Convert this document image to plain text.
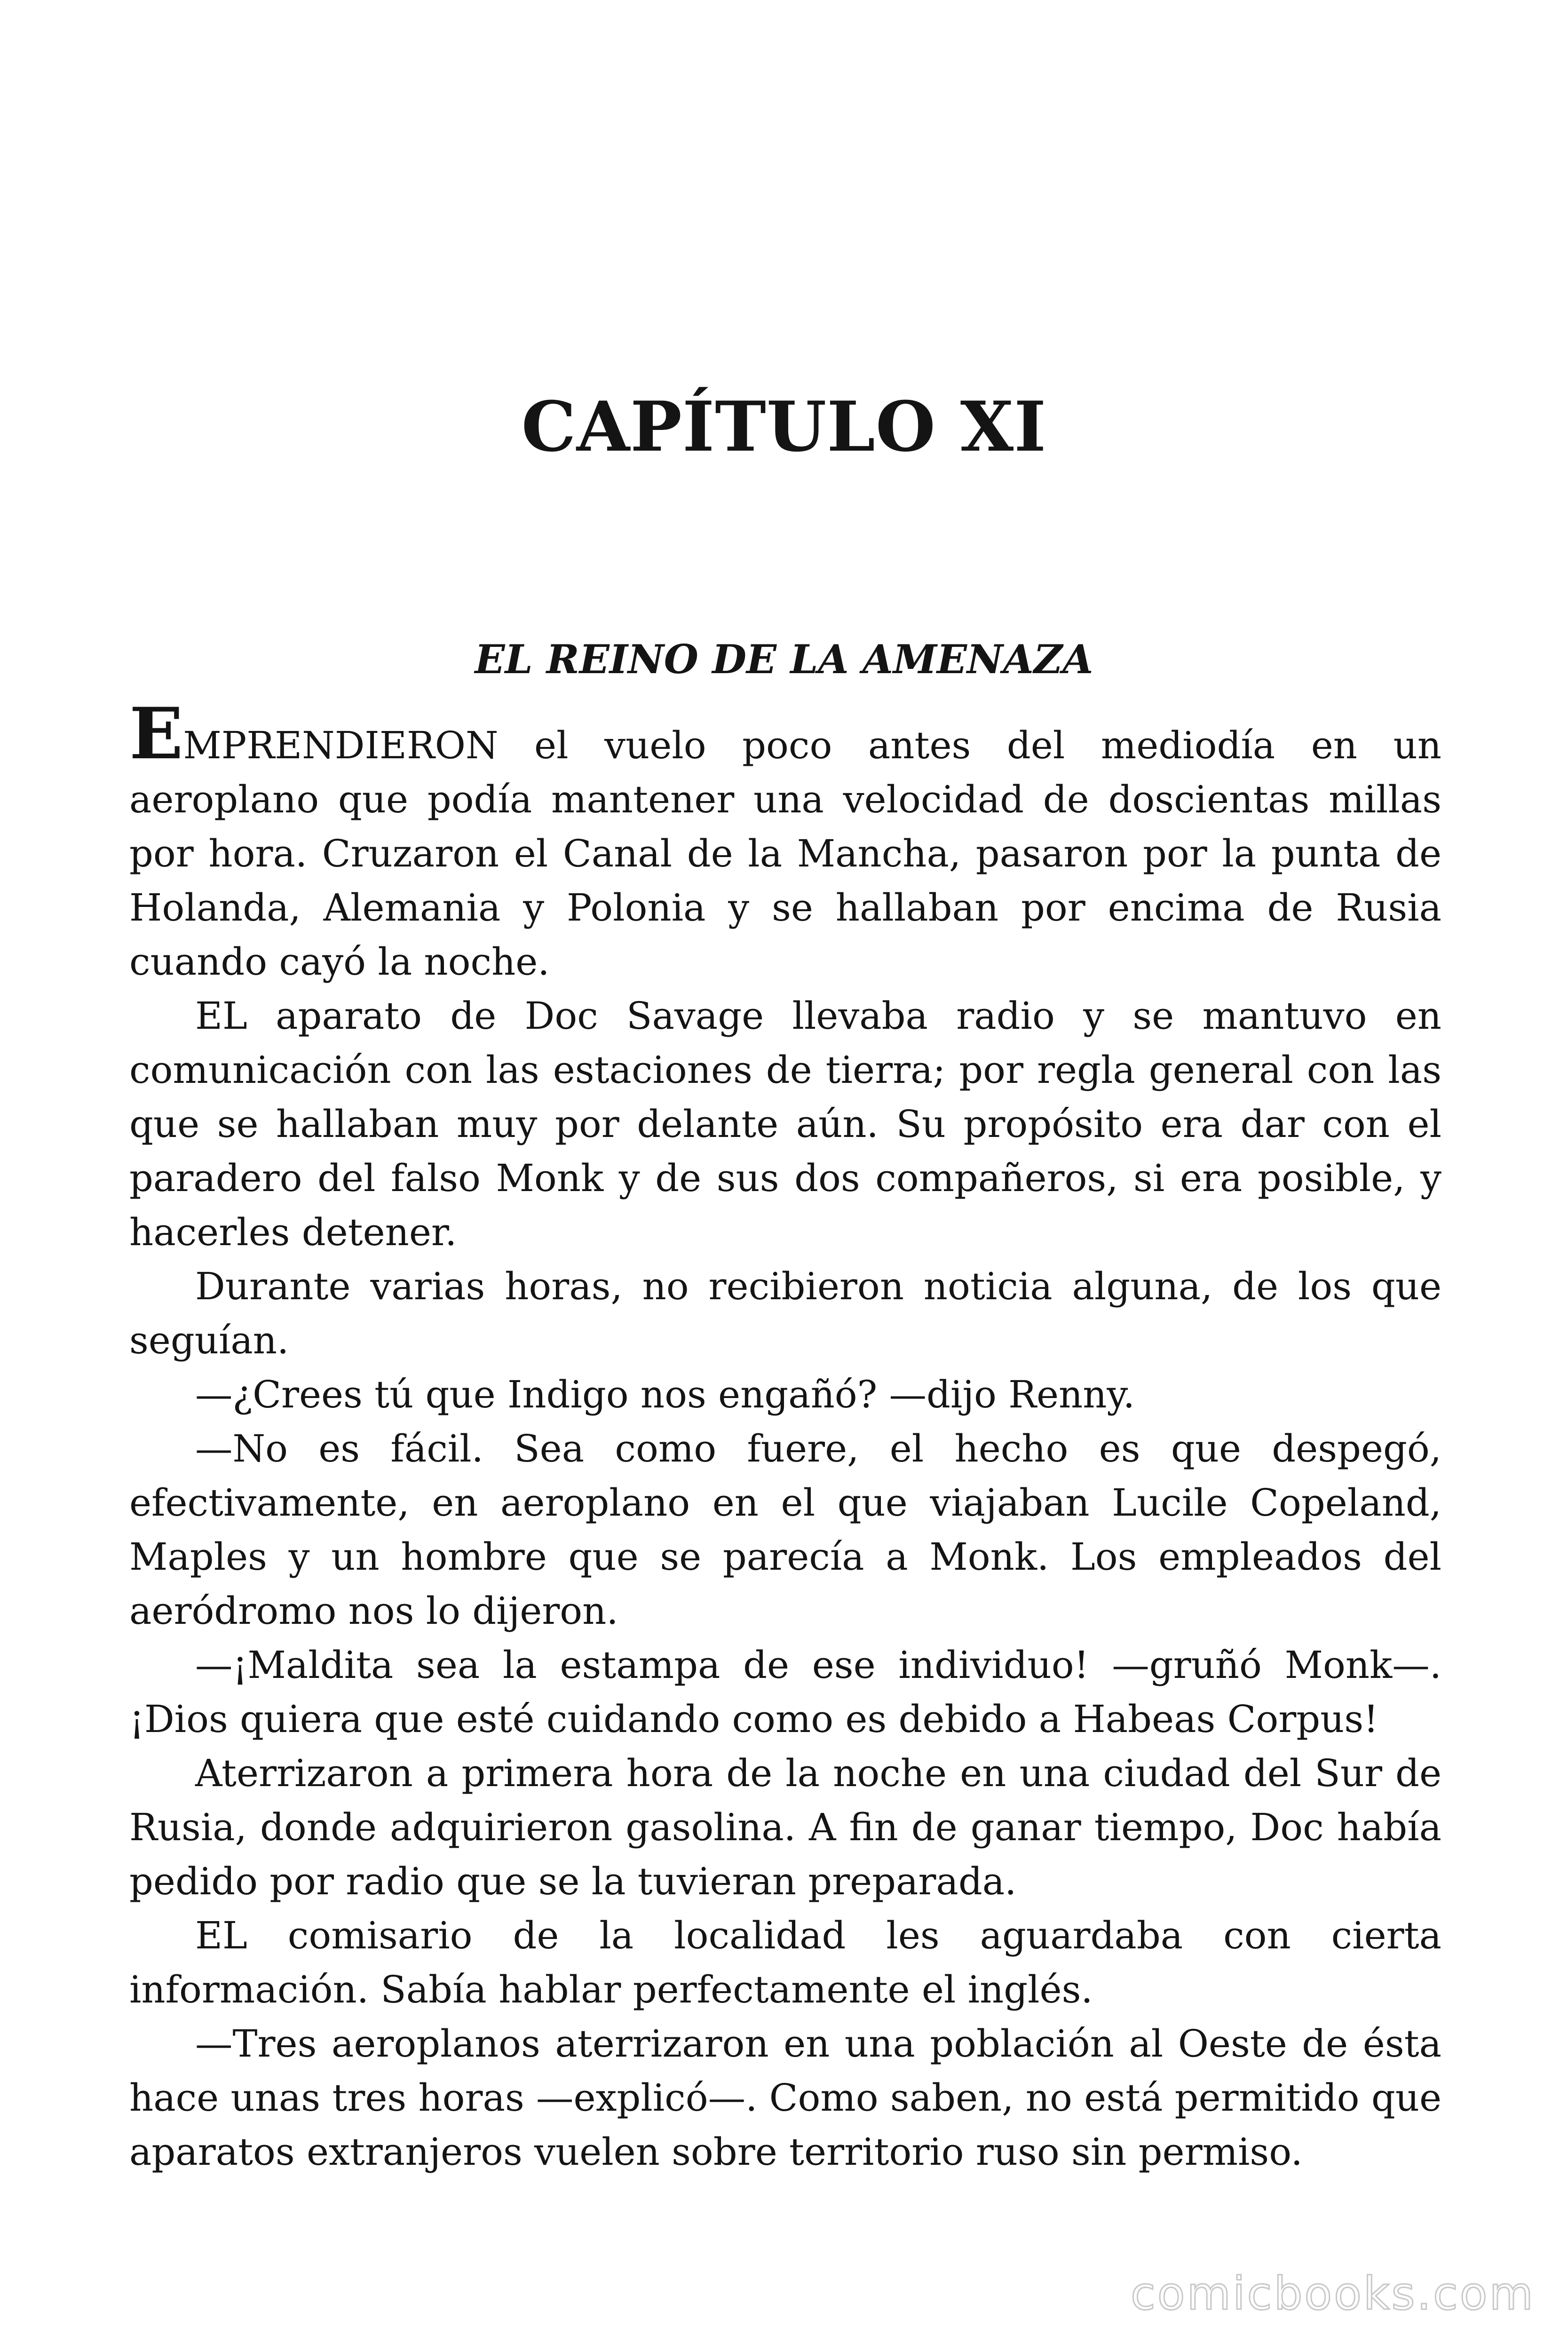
CAPÍTULO XI
EL REINO DE LA AMENAZA

EMPRENDIERON el vuelo poco antes del mediodía en un aeroplano que podía mantener una velocidad de doscientas millas por hora. Cruzaron el Canal de la Mancha, pasaron por la punta de Holanda, Alemania y Polonia y se hallaban por encima de Rusia cuando cayó la noche.

EL aparato de Doc Savage llevaba radio y se mantuvo en comunicación con las estaciones de tierra; por regla general con las que se hallaban muy por delante aún. Su propósito era dar con el paradero del falso Monk y de sus dos compañeros, si era posible, y hacerles detener.

Durante varias horas, no recibieron noticia alguna, de los que seguían.

—¿Crees tú que Indigo nos engañó? —dijo Renny.

—No es fácil. Sea como fuere, el hecho es que despegó, efectivamente, en aeroplano en el que viajaban Lucile Copeland, Maples y un hombre que se parecía a Monk. Los empleados del aeródromo nos lo dijeron.

—¡Maldita sea la estampa de ese individuo! —gruñó Monk—. ¡Dios quiera que esté cuidando como es debido a Habeas Corpus!

Aterrizaron a primera hora de la noche en una ciudad del Sur de Rusia, donde adquirieron gasolina. A fin de ganar tiempo, Doc había pedido por radio que se la tuvieran preparada.

EL comisario de la localidad les aguardaba con cierta información. Sabía hablar perfectamente el inglés.

—Tres aeroplanos aterrizaron en una población al Oeste de ésta hace unas tres horas —explicó—. Como saben, no está permitido que aparatos extranjeros vuelen sobre territorio ruso sin permiso.

comicbooks.com
